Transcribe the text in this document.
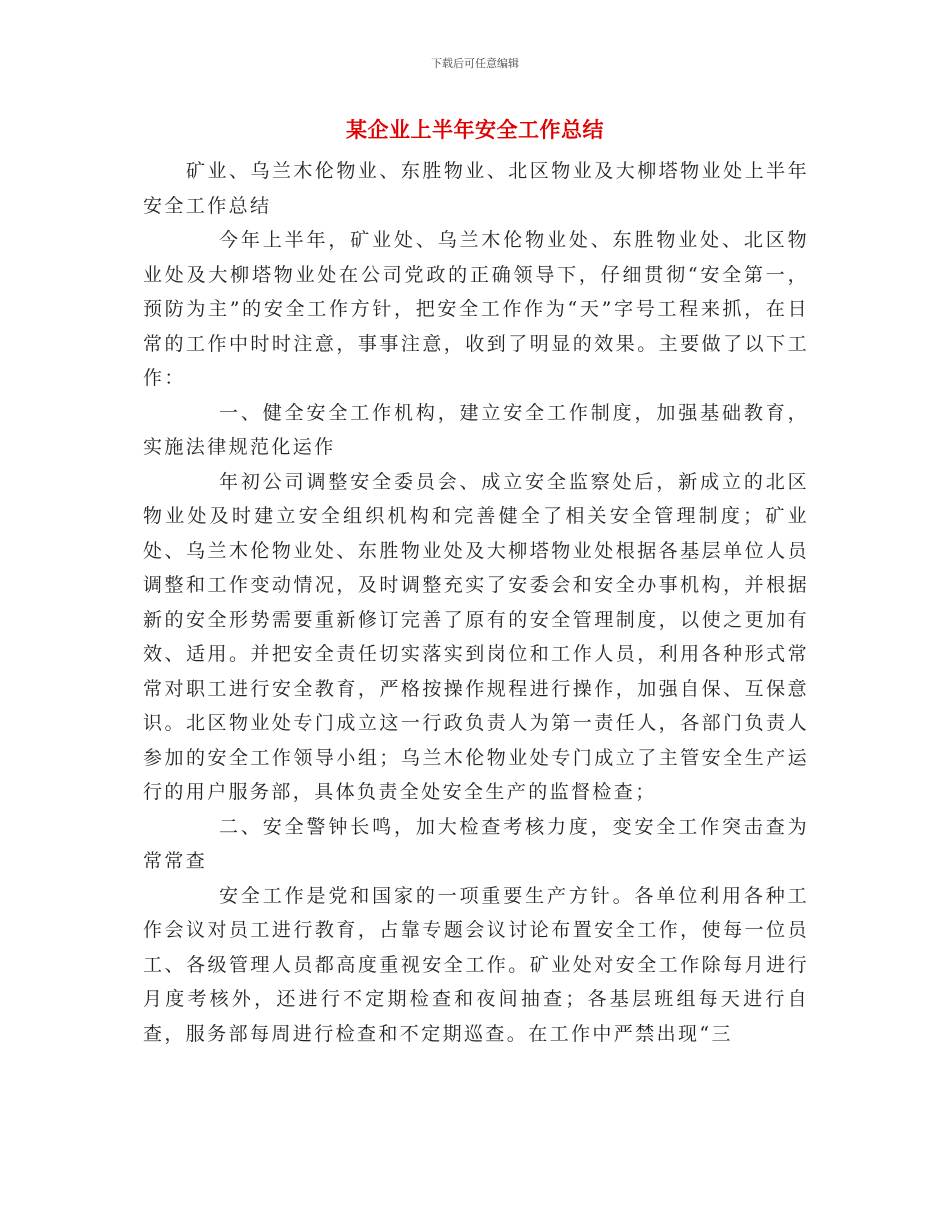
下载后可任意编辑
某企业上半年安全工作总结

矿业、乌兰木伦物业、东胜物业、北区物业及大柳塔物业处上半年安全工作总结

今年上半年，矿业处、乌兰木伦物业处、东胜物业处、北区物业处及大柳塔物业处在公司党政的正确领导下，仔细贯彻“安全第一，预防为主”的安全工作方针，把安全工作作为“天”字号工程来抓，在日常的工作中时时注意，事事注意，收到了明显的效果。主要做了以下工作：

一、健全安全工作机构，建立安全工作制度，加强基础教育，实施法律规范化运作

年初公司调整安全委员会、成立安全监察处后，新成立的北区物业处及时建立安全组织机构和完善健全了相关安全管理制度；矿业处、乌兰木伦物业处、东胜物业处及大柳塔物业处根据各基层单位人员调整和工作变动情况，及时调整充实了安委会和安全办事机构，并根据新的安全形势需要重新修订完善了原有的安全管理制度，以使之更加有效、适用。并把安全责任切实落实到岗位和工作人员，利用各种形式常常对职工进行安全教育，严格按操作规程进行操作，加强自保、互保意识。北区物业处专门成立这一行政负责人为第一责任人，各部门负责人参加的安全工作领导小组；乌兰木伦物业处专门成立了主管安全生产运行的用户服务部，具体负责全处安全生产的监督检查；

二、安全警钟长鸣，加大检查考核力度，变安全工作突击查为常常查

安全工作是党和国家的一项重要生产方针。各单位利用各种工作会议对员工进行教育，占靠专题会议讨论布置安全工作，使每一位员工、各级管理人员都高度重视安全工作。矿业处对安全工作除每月进行月度考核外，还进行不定期检查和夜间抽查；各基层班组每天进行自查，服务部每周进行检查和不定期巡查。在工作中严禁出现“三
